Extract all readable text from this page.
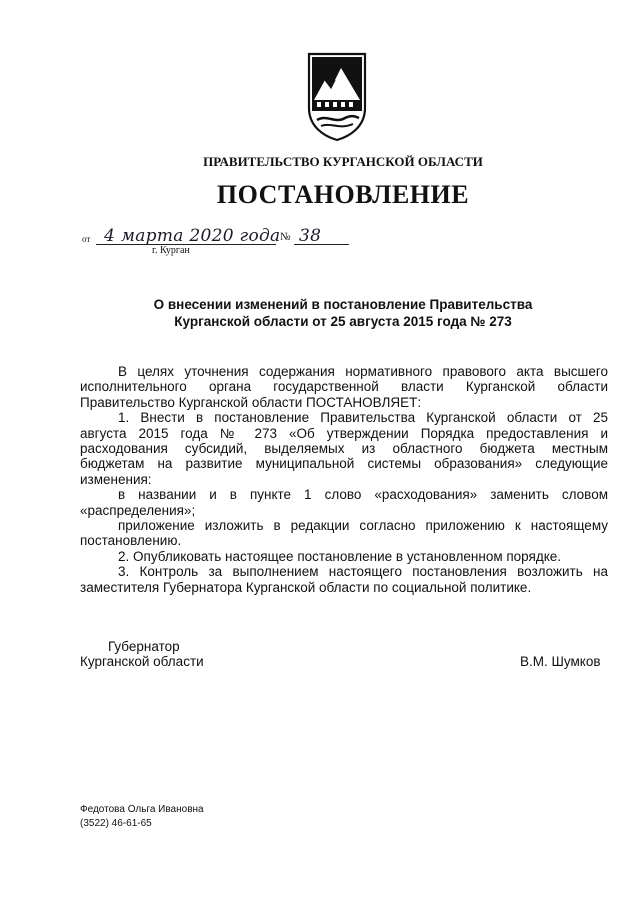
ПРАВИТЕЛЬСТВО КУРГАНСКОЙ ОБЛАСТИ
ПОСТАНОВЛЕНИЕ
от 4 марта 2020 года № 38
г. Курган
О внесении изменений в постановление Правительства
Курганской области от 25 августа 2015 года № 273
В целях уточнения содержания нормативного правового акта высшего
исполнительного органа государственной власти Курганской области
Правительство Курганской области ПОСТАНОВЛЯЕТ:
1. Внести в постановление Правительства Курганской области от 25
августа 2015 года № 273 «Об утверждении Порядка предоставления и
расходования субсидий, выделяемых из областного бюджета местным
бюджетам на развитие муниципальной системы образования» следующие
изменения:
в названии и в пункте 1 слово «расходования» заменить словом
«распределения»;
приложение изложить в редакции согласно приложению к настоящему
постановлению.
2. Опубликовать настоящее постановление в установленном порядке.
3. Контроль за выполнением настоящего постановления возложить на
заместителя Губернатора Курганской области по социальной политике.
Губернатор
Курганской области	В.М. Шумков
Федотова Ольга Ивановна
(3522) 46-61-65
